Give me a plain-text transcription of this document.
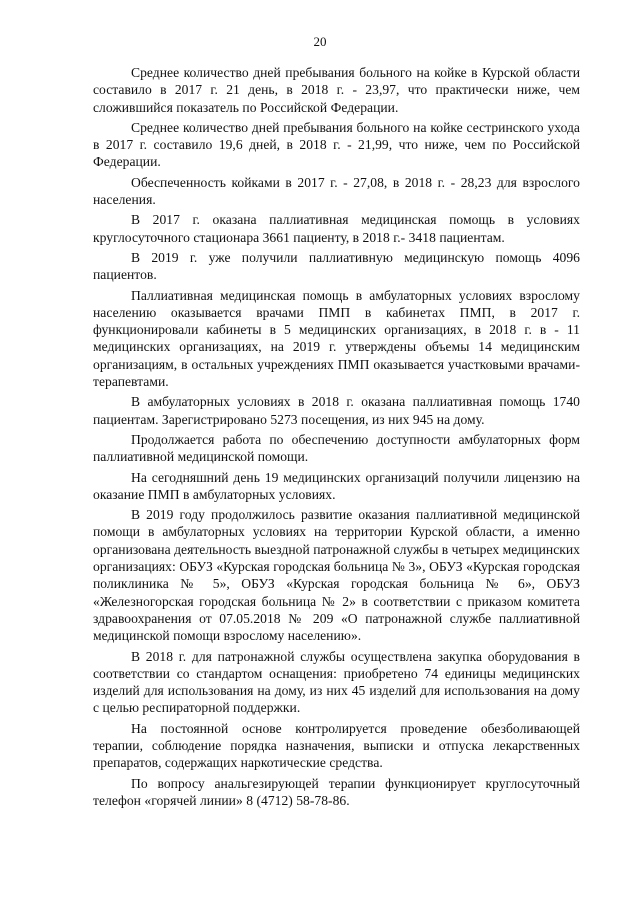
20

Среднее количество дней пребывания больного на койке в Курской области составило в 2017 г. 21 день, в 2018 г. - 23,97, что практически ниже, чем сложившийся показатель по Российской Федерации.

Среднее количество дней пребывания больного на койке сестринского ухода в 2017 г. составило 19,6 дней, в 2018 г. - 21,99, что ниже, чем по Российской Федерации.

Обеспеченность койками в 2017 г. - 27,08, в 2018 г. - 28,23 для взрослого населения.

В 2017 г. оказана паллиативная медицинская помощь в условиях круглосуточного стационара 3661 пациенту, в 2018 г.- 3418 пациентам.

В 2019 г. уже получили паллиативную медицинскую помощь 4096 пациентов.

Паллиативная медицинская помощь в амбулаторных условиях взрослому населению оказывается врачами ПМП в кабинетах ПМП, в 2017 г. функционировали кабинеты в 5 медицинских организациях, в 2018 г. в - 11 медицинских организациях, на 2019 г. утверждены объемы 14 медицинским организациям, в остальных учреждениях ПМП оказывается участковыми врачами-терапевтами.

В амбулаторных условиях в 2018 г. оказана паллиативная помощь 1740 пациентам. Зарегистрировано 5273 посещения, из них 945 на дому.

Продолжается работа по обеспечению доступности амбулаторных форм паллиативной медицинской помощи.

На сегодняшний день 19 медицинских организаций получили лицензию на оказание ПМП в амбулаторных условиях.

В 2019 году продолжилось развитие оказания паллиативной медицинской помощи в амбулаторных условиях на территории Курской области, а именно организована деятельность выездной патронажной службы в четырех медицинских организациях: ОБУЗ «Курская городская больница № 3», ОБУЗ «Курская городская поликлиника № 5», ОБУЗ «Курская городская больница № 6», ОБУЗ «Железногорская городская больница № 2» в соответствии с приказом комитета здравоохранения от 07.05.2018 № 209 «О патронажной службе паллиативной медицинской помощи взрослому населению».

В 2018 г. для патронажной службы осуществлена закупка оборудования в соответствии со стандартом оснащения: приобретено 74 единицы медицинских изделий для использования на дому, из них 45 изделий для использования на дому с целью респираторной поддержки.

На постоянной основе контролируется проведение обезболивающей терапии, соблюдение порядка назначения, выписки и отпуска лекарственных препаратов, содержащих наркотические средства.

По вопросу анальгезирующей терапии функционирует круглосуточный телефон «горячей линии» 8 (4712) 58-78-86.
